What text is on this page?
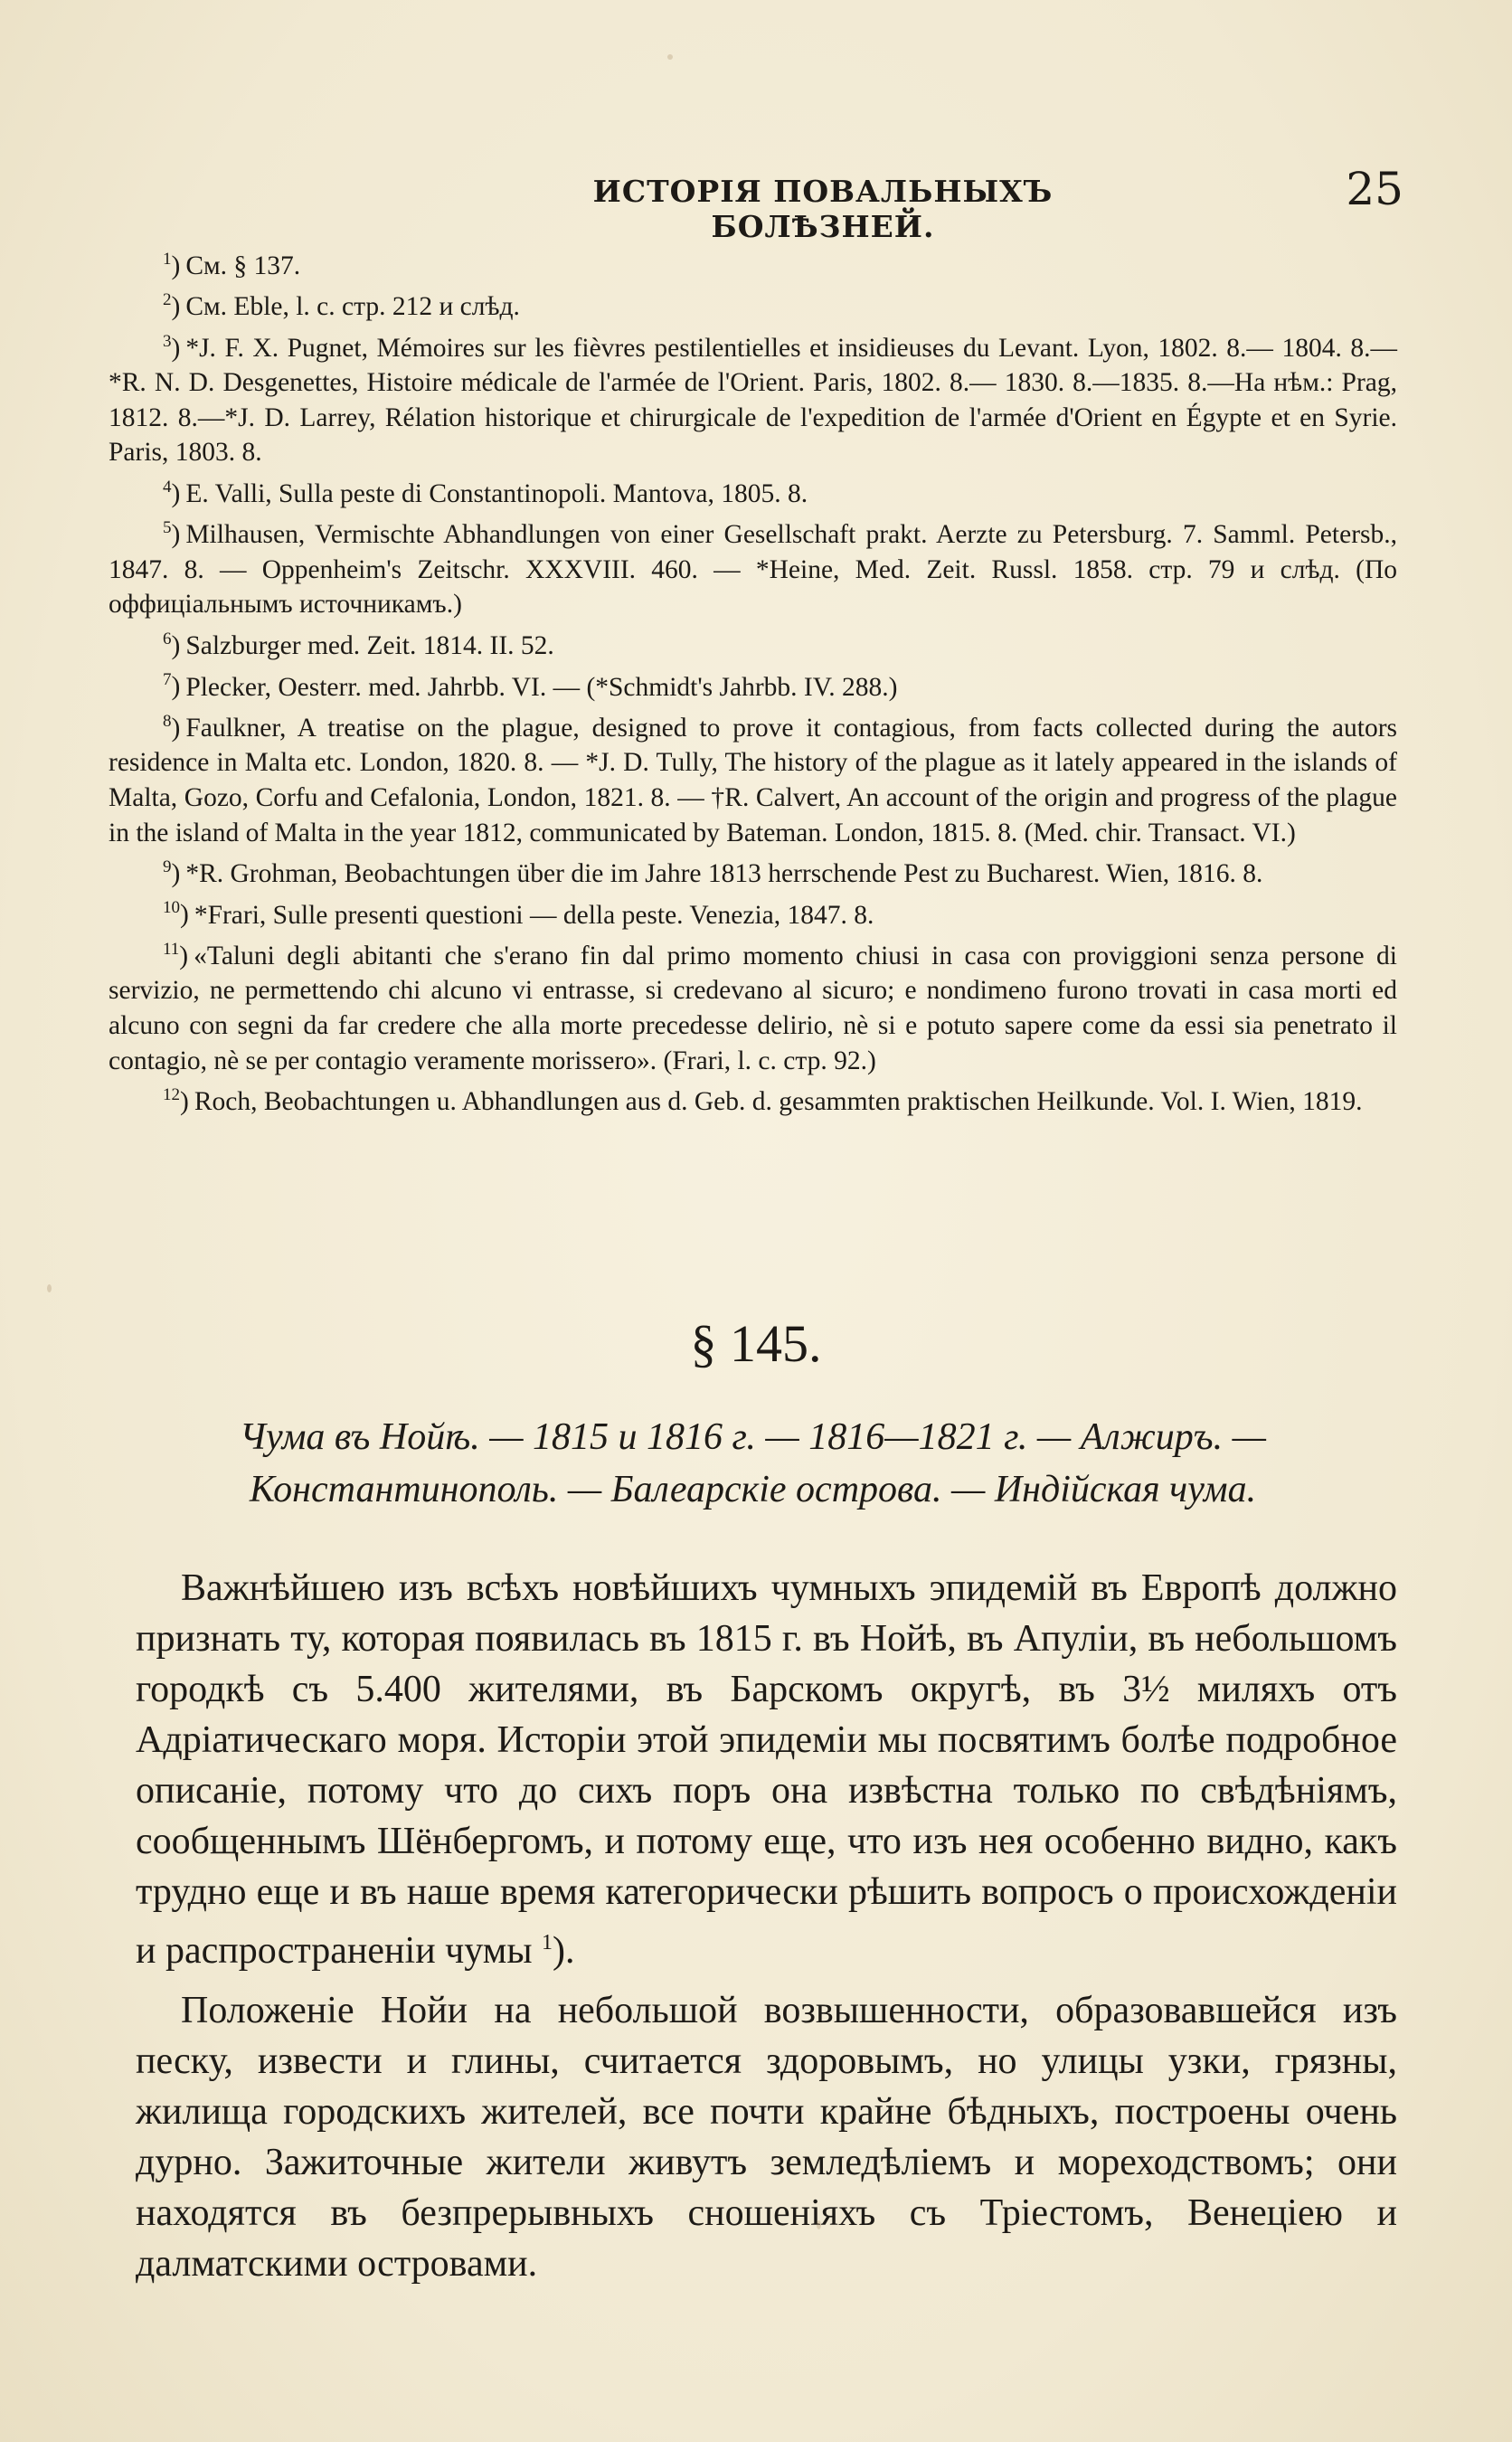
ИСТОРІЯ ПОВАЛЬНЫХЪ БОЛѢЗНЕЙ.
25

$^1$) См. § 137.

$^2$) См. Eble, l. c. стр. 212 и слѣд.

$^3$) *J. F. X. Pugnet, Mémoires sur les fièvres pestilentielles et insidieuses du Levant. Lyon, 1802. 8.— 1804. 8.—*R. N. D. Desgenettes, Histoire médicale de l'armée de l'Orient. Paris, 1802. 8.— 1830. 8.—1835. 8.—На нѣм.: Prag, 1812. 8.—*J. D. Larrey, Rélation historique et chirurgicale de l'expedition de l'armée d'Orient en Égypte et en Syrie. Paris, 1803. 8.

$^4$) E. Valli, Sulla peste di Constantinopoli. Mantova, 1805. 8.

$^5$) Milhausen, Vermischte Abhandlungen von einer Gesellschaft prakt. Aerzte zu Petersburg. 7. Samml. Petersb., 1847. 8. — Oppenheim's Zeitschr. XXXVIII. 460. — *Heine, Med. Zeit. Russl. 1858. стр. 79 и слѣд. (По оффиціальнымъ источникамъ.)

$^6$) Salzburger med. Zeit. 1814. II. 52.

$^7$) Plecker, Oesterr. med. Jahrbb. VI. — (*Schmidt's Jahrbb. IV. 288.)

$^8$) Faulkner, A treatise on the plague, designed to prove it contagious, from facts collected during the autors residence in Malta etc. London, 1820. 8. — *J. D. Tully, The history of the plague as it lately appeared in the islands of Malta, Gozo, Corfu and Cefalonia, London, 1821. 8. — †R. Calvert, An account of the origin and progress of the plague in the island of Malta in the year 1812, communicated by Bateman. London, 1815. 8. (Med. chir. Transact. VI.)

$^9$) *R. Grohman, Beobachtungen über die im Jahre 1813 herrschende Pest zu Bucharest. Wien, 1816. 8.

$^{10}$) *Frari, Sulle presenti questioni — della peste. Venezia, 1847. 8.

$^{11}$) «Taluni degli abitanti che s'erano fin dal primo momento chiusi in casa con proviggioni senza persone di servizio, ne permettendo chi alcuno vi entrasse, si credevano al sicuro; e nondimeno furono trovati in casa morti ed alcuno con segni da far credere che alla morte precedesse delirio, nè si e potuto sapere come da essi sia penetrato il contagio, nè se per contagio veramente morissero». (Frari, l. c. стр. 92.)

$^{12}$) Roch, Beobachtungen u. Abhandlungen aus d. Geb. d. gesammten praktischen Heilkunde. Vol. I. Wien, 1819.

§ 145.
Чума въ Нойѣ. — 1815 и 1816 г. — 1816—1821 г. — Алжиръ. — Константинополь. — Балеарскіе острова. — Индійская чума.

Важнѣйшею изъ всѣхъ новѣйшихъ чумныхъ эпидемій въ Европѣ должно признать ту, которая появилась въ 1815 г. въ Нойѣ, въ Апуліи, въ небольшомъ городкѣ съ 5.400 жителями, въ Барскомъ округѣ, въ 3½ миляхъ отъ Адріатическаго моря. Исторіи этой эпидеміи мы посвятимъ болѣе подробное описаніе, потому что до сихъ поръ она извѣстна только по свѣдѣніямъ, сообщеннымъ Шёнбергомъ, и потому еще, что изъ нея особенно видно, какъ трудно еще и въ наше время категорически рѣшить вопросъ о происхожденіи и распространеніи чумы $^1$).

Положеніе Нойи на небольшой возвышенности, образовавшейся изъ песку, извести и глины, считается здоровымъ, но улицы узки, грязны, жилища городскихъ жителей, все почти крайне бѣдныхъ, построены очень дурно. Зажиточные жители живутъ земледѣліемъ и мореходствомъ; они находятся въ безпрерывныхъ сношеніяхъ съ Тріестомъ, Венеціею и далматскими островами.
